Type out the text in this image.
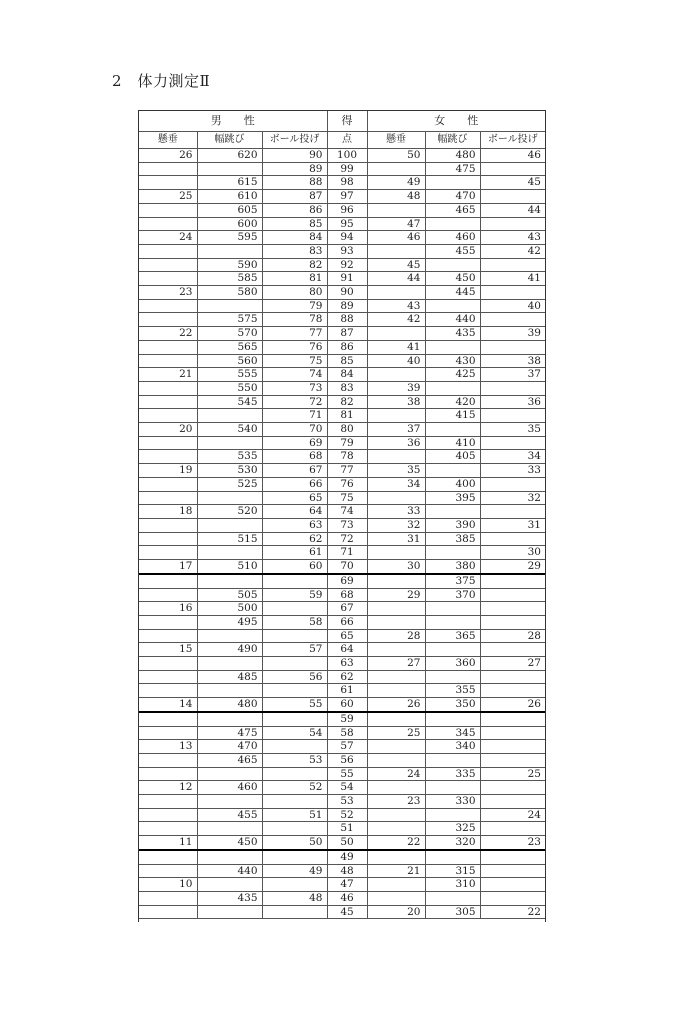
2　体力測定Ⅱ
男　　性			得	女　　性		
懸垂	幅跳び	ボール投げ	点	懸垂	幅跳び	ボール投げ
26	620	90	100	50	480	46
		89	99		475	
	615	88	98	49		45
25	610	87	97	48	470	
	605	86	96		465	44
	600	85	95	47		
24	595	84	94	46	460	43
		83	93		455	42
	590	82	92	45		
	585	81	91	44	450	41
23	580	80	90		445	
		79	89	43		40
	575	78	88	42	440	
22	570	77	87		435	39
	565	76	86	41		
	560	75	85	40	430	38
21	555	74	84		425	37
	550	73	83	39		
	545	72	82	38	420	36
		71	81		415	
20	540	70	80	37		35
		69	79	36	410	
	535	68	78		405	34
19	530	67	77	35		33
	525	66	76	34	400	
		65	75		395	32
18	520	64	74	33		
		63	73	32	390	31
	515	62	72	31	385	
		61	71			30
17	510	60	70	30	380	29
			69		375	
	505	59	68	29	370	
16	500		67			
	495	58	66			
			65	28	365	28
15	490	57	64			
			63	27	360	27
	485	56	62			
			61		355	
14	480	55	60	26	350	26
			59			
	475	54	58	25	345	
13	470		57		340	
	465	53	56			
			55	24	335	25
12	460	52	54			
			53	23	330	
	455	51	52			24
			51		325	
11	450	50	50	22	320	23
			49			
	440	49	48	21	315	
10			47		310	
	435	48	46			
			45	20	305	22
